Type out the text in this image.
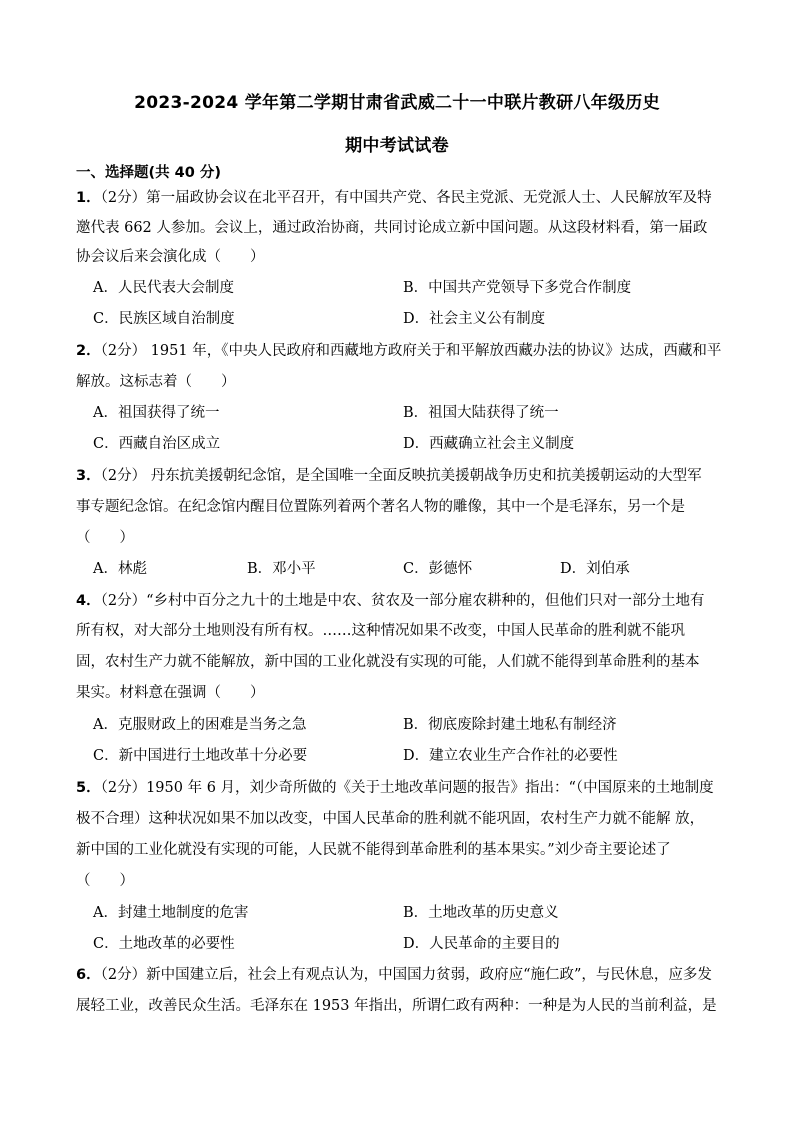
2023-2024 学年第二学期甘肃省武威二十一中联片教研八年级历史
期中考试试卷
一、选择题(共 40 分)
1．（2分）第一届政协会议在北平召开，有中国共产党、各民主党派、无党派人士、人民解放军及特
邀代表 662 人参加。会议上，通过政治协商，共同讨论成立新中国问题。从这段材料看，第一届政
协会议后来会演化成（　　）
A．人民代表大会制度	B．中国共产党领导下多党合作制度
C．民族区域自治制度	D．社会主义公有制度
2．（2分） 1951 年，《中央人民政府和西藏地方政府关于和平解放西藏办法的协议》达成，西藏和平
解放。这标志着（　　）
A．祖国获得了统一	B．祖国大陆获得了统一
C．西藏自治区成立	D．西藏确立社会主义制度
3．（2分） 丹东抗美援朝纪念馆，是全国唯一全面反映抗美援朝战争历史和抗美援朝运动的大型军
事专题纪念馆。在纪念馆内醒目位置陈列着两个著名人物的雕像，其中一个是毛泽东，另一个是
（　　）
A．林彪	B．邓小平	C．彭德怀	D．刘伯承
4．（2分）“乡村中百分之九十的土地是中农、贫农及一部分雇农耕种的，但他们只对一部分土地有
所有权，对大部分土地则没有所有权。……这种情况如果不改变，中国人民革命的胜利就不能巩
固，农村生产力就不能解放，新中国的工业化就没有实现的可能，人们就不能得到革命胜利的基本
果实。材料意在强调（　　）
A．克服财政上的困难是当务之急	B．彻底废除封建土地私有制经济
C．新中国进行土地改革十分必要	D．建立农业生产合作社的必要性
5．（2分）1950 年 6 月，刘少奇所做的《关于土地改革问题的报告》指出：“（中国原来的土地制度
极不合理）这种状况如果不加以改变，中国人民革命的胜利就不能巩固，农村生产力就不能解 放，
新中国的工业化就没有实现的可能，人民就不能得到革命胜利的基本果实。”刘少奇主要论述了
（　　）
A．封建土地制度的危害	B．土地改革的历史意义
C．土地改革的必要性	D．人民革命的主要目的
6．（2分）新中国建立后，社会上有观点认为，中国国力贫弱，政府应“施仁政”，与民休息，应多发
展轻工业，改善民众生活。毛泽东在 1953 年指出，所谓仁政有两种：一种是为人民的当前利益，是
